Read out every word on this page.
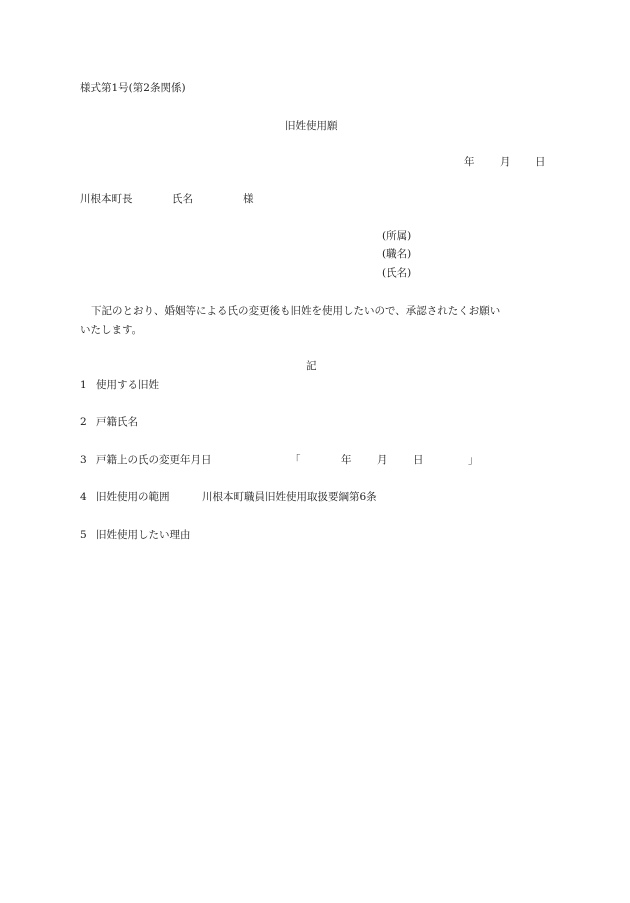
様式第1号(第2条関係)
旧姓使用願
年 月 日
川根本町長	氏名	様
(所属)
(職名)
(氏名)
下記のとおり、婚姻等による氏の変更後も旧姓を使用したいので、承認されたくお願い
いたします。
記
1 使用する旧姓
2 戸籍氏名
3 戸籍上の氏の変更年月日	「	年 月 日	」
4 旧姓使用の範囲	川根本町職員旧姓使用取扱要綱第6条
5 旧姓使用したい理由
